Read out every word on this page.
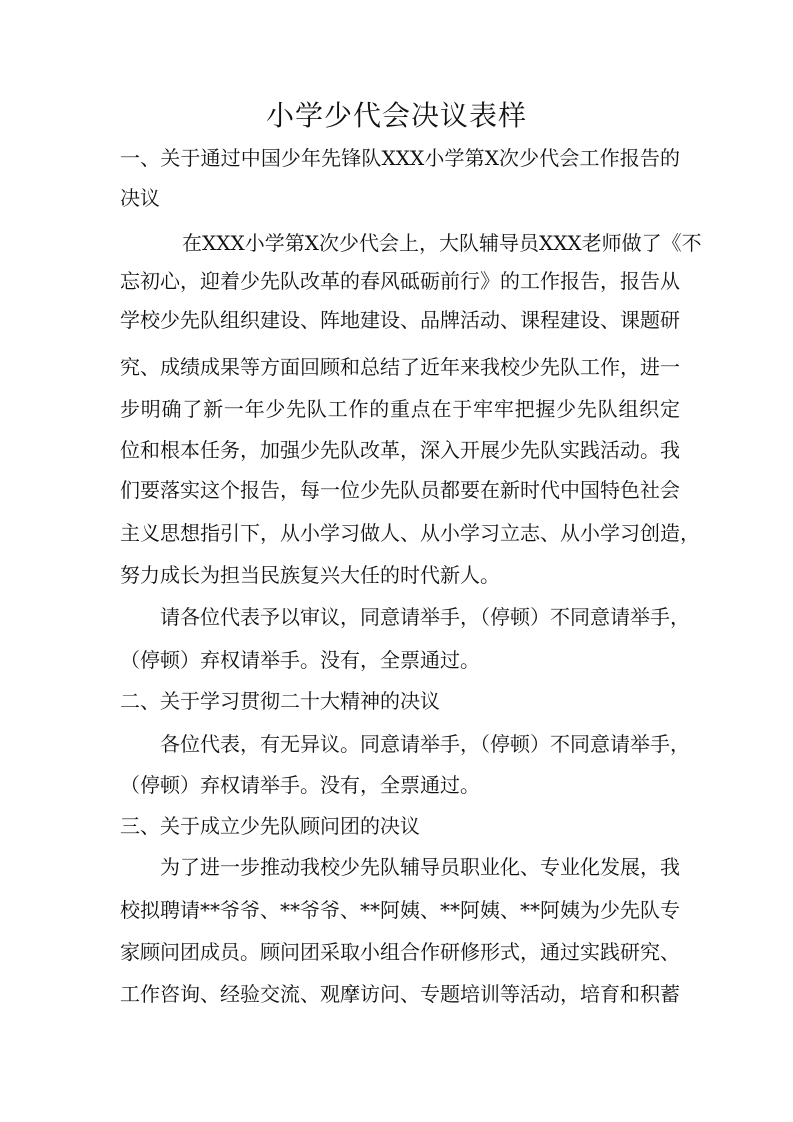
小学少代会决议表样
一、关于通过中国少年先锋队XXX小学第X次少代会工作报告的
决议
在XXX小学第X次少代会上，大队辅导员XXX老师做了《不
忘初心，迎着少先队改革的春风砥砺前行》的工作报告，报告从
学校少先队组织建设、阵地建设、品牌活动、课程建设、课题研
究、成绩成果等方面回顾和总结了近年来我校少先队工作，进一
步明确了新一年少先队工作的重点在于牢牢把握少先队组织定
位和根本任务，加强少先队改革，深入开展少先队实践活动。我
们要落实这个报告，每一位少先队员都要在新时代中国特色社会
主义思想指引下，从小学习做人、从小学习立志、从小学习创造，
努力成长为担当民族复兴大任的时代新人。
请各位代表予以审议，同意请举手，（停顿）不同意请举手，
（停顿）弃权请举手。没有，全票通过。
二、关于学习贯彻二十大精神的决议
各位代表，有无异议。同意请举手，（停顿）不同意请举手，
（停顿）弃权请举手。没有，全票通过。
三、关于成立少先队顾问团的决议
为了进一步推动我校少先队辅导员职业化、专业化发展，我
校拟聘请**爷爷、**爷爷、**阿姨、**阿姨、**阿姨为少先队专
家顾问团成员。顾问团采取小组合作研修形式，通过实践研究、
工作咨询、经验交流、观摩访问、专题培训等活动，培育和积蓄
